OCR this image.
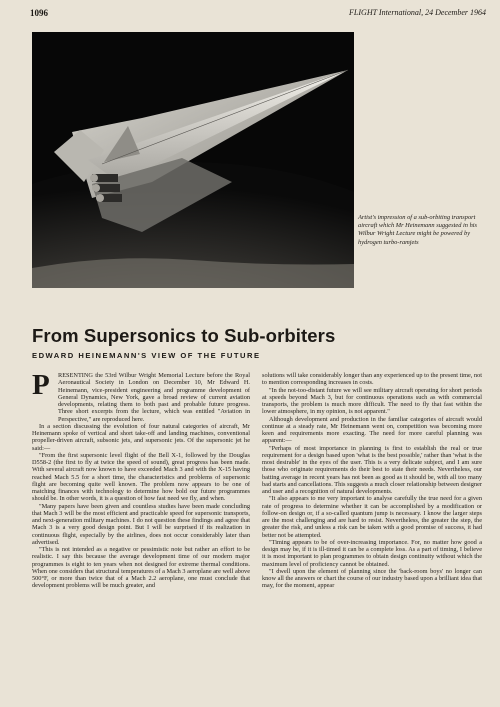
1096	FLIGHT International, 24 December 1964
Artist's impression of a sub-orbiting transport aircraft which Mr Heinemann suggested in his Wilbur Wright Lecture might be powered by hydrogen turbo-ramjets
From Supersonics to Sub-orbiters
EDWARD HEINEMANN'S VIEW OF THE FUTURE
P	RESENTING the 53rd Wilbur Wright Memorial Lecture before the Royal Aeronautical Society in London on December 10, Mr Edward H. Heinemann, vice-president engineering and programme development of General Dynamics, New York, gave a broad review of current aviation developments, relating them to both past and probable future progress. Three short excerpts from the lecture, which was entitled "Aviation in Perspective," are reproduced here.

In a section discussing the evolution of four natural categories of aircraft, Mr Heinemann spoke of vertical and short take-off and landing machines, conventional propeller-driven aircraft, subsonic jets, and supersonic jets. Of the supersonic jet he said:—

"From the first supersonic level flight of the Bell X-1, followed by the Douglas D558-2 (the first to fly at twice the speed of sound), great progress has been made. With several aircraft now known to have exceeded Mach 3 and with the X-15 having reached Mach 5.5 for a short time, the characteristics and problems of supersonic flight are becoming quite well known. The problem now appears to be one of matching finances with technology to determine how bold our future programmes should be. In other words, it is a question of how fast need we fly, and when.

"Many papers have been given and countless studies have been made concluding that Mach 3 will be the most efficient and practicable speed for supersonic transports, and next-generation military machines. I do not question these findings and agree that Mach 3 is a very good design point. But I will be surprised if its realization in continuous flight, especially by the airlines, does not occur considerably later than advertised.

"This is not intended as a negative or pessimistic note but rather an effort to be realistic. I say this because the average development time of our modern major programmes is eight to ten years when not designed for extreme thermal conditions. When one considers that structural temperatures of a Mach 3 aeroplane are well above 500°F, or more than twice that of a Mach 2.2 aeroplane, one must conclude that development problems will be much greater, and

solutions will take considerably longer than any experienced up to the present time, not to mention corresponding increases in costs.

"In the not-too-distant future we will see military aircraft operating for short periods at speeds beyond Mach 3, but for continuous operations such as with commercial transports, the problem is much more difficult. The need to fly that fast within the lower atmosphere, in my opinion, is not apparent."

Although development and production in the familiar categories of aircraft would continue at a steady rate, Mr Heinemann went on, competition was becoming more keen and requirements more exacting. The need for more careful planning was apparent:—

"Perhaps of most importance in planning is first to establish the real or true requirement for a design based upon 'what is the best possible,' rather than 'what is the most desirable' in the eyes of the user. This is a very delicate subject, and I am sure those who originate requirements do their best to state their needs. Nevertheless, our batting average in recent years has not been as good as it should be, with all too many bad starts and cancellations. This suggests a much closer relationship between designer and user and a recognition of natural developments.

"It also appears to me very important to analyse carefully the true need for a given rate of progress to determine whether it can be accomplished by a modification or follow-on design or, if a so-called quantum jump is necessary. I know the larger steps are the most challenging and are hard to resist. Nevertheless, the greater the step, the greater the risk, and unless a risk can be taken with a good promise of success, it had better not be attempted.

"Timing appears to be of over-increasing importance. For, no matter how good a design may be, if it is ill-timed it can be a complete loss. As a part of timing, I believe it is most important to plan programmes to obtain design continuity without which the maximum level of proficiency cannot be obtained.

"I dwell upon the element of planning since the 'back-room boys' no longer can know all the answers or chart the course of our industry based upon a brilliant idea that may, for the moment, appear
